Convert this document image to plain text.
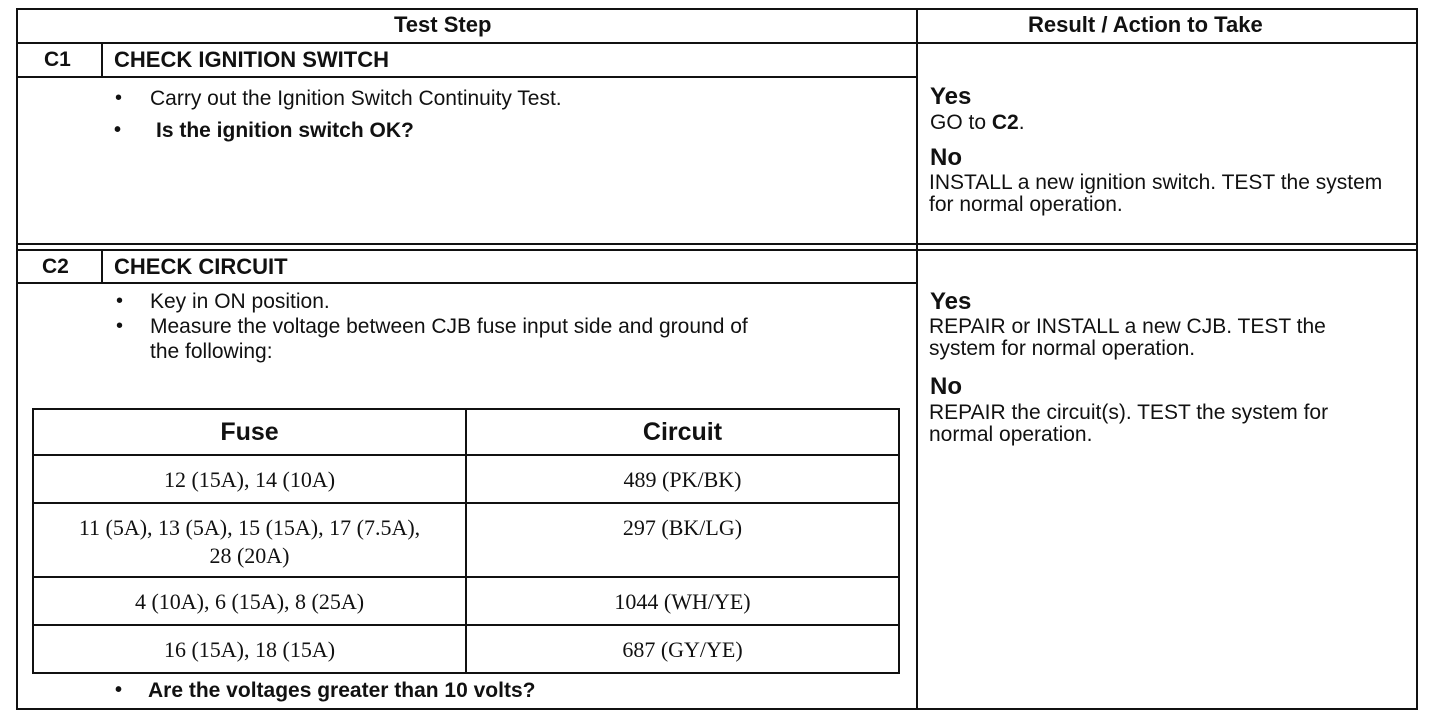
Test Step	Result / Action to Take
C1 CHECK IGNITION SWITCH
• Carry out the Ignition Switch Continuity Test.
• Is the ignition switch OK?
Yes
GO to C2.
No
INSTALL a new ignition switch. TEST the system for normal operation.
C2 CHECK CIRCUIT
• Key in ON position.
• Measure the voltage between CJB fuse input side and ground of
the following:
Fuse	Circuit
12 (15A), 14 (10A)	489 (PK/BK)
11 (5A), 13 (5A), 15 (15A), 17 (7.5A), 28 (20A)	297 (BK/LG)
4 (10A), 6 (15A), 8 (25A)	1044 (WH/YE)
16 (15A), 18 (15A)	687 (GY/YE)
• Are the voltages greater than 10 volts?
Yes
REPAIR or INSTALL a new CJB. TEST the system for normal operation.
No
REPAIR the circuit(s). TEST the system for normal operation.
